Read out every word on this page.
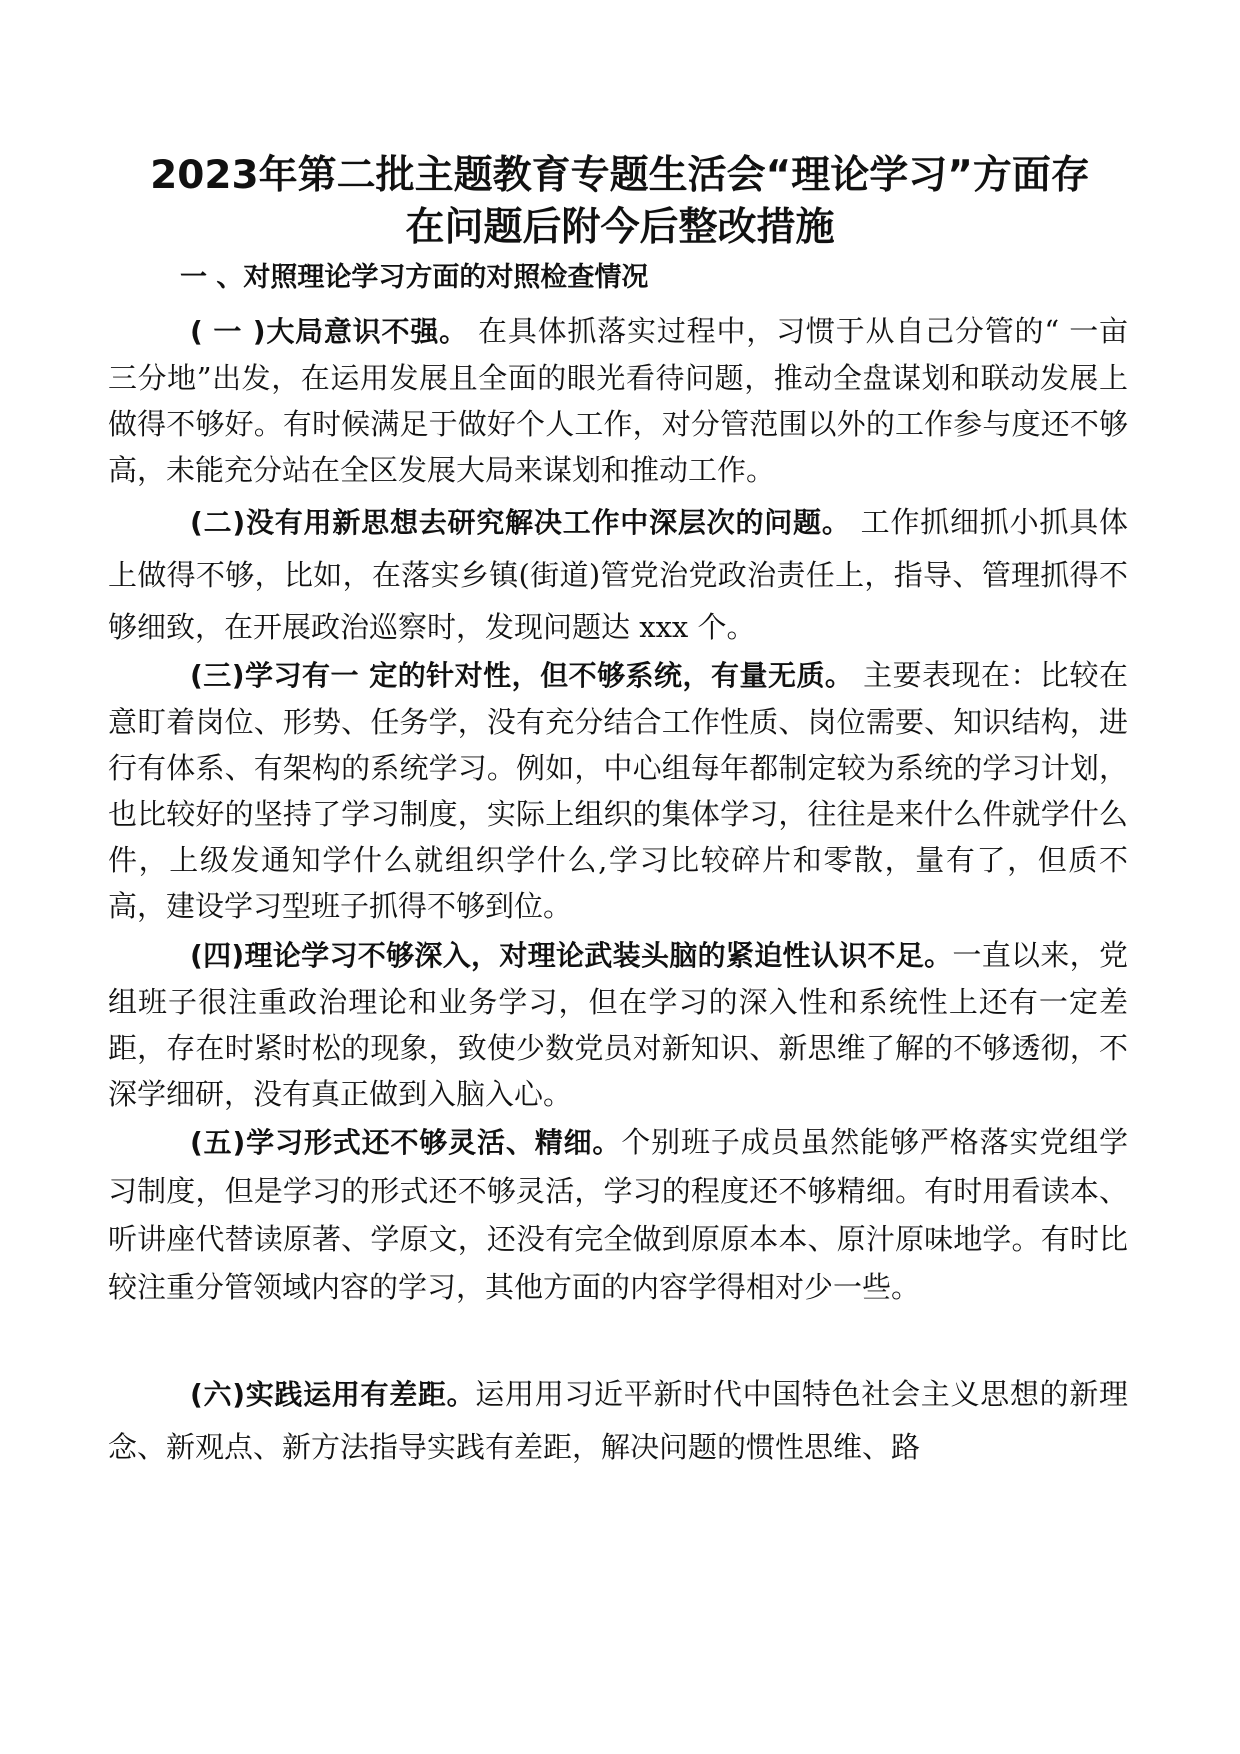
2023年第二批主题教育专题生活会“理论学习”方面存
在问题后附今后整改措施
一 、对照理论学习方面的对照检查情况

( 一 )大局意识不强。 在具体抓落实过程中，习惯于从自己分管的“ 一亩三分地”出发，在运用发展且全面的眼光看待问题，推动全盘谋划和联动发展上做得不够好。有时候满足于做好个人工作，对分管范围以外的工作参与度还不够高，未能充分站在全区发展大局来谋划和推动工作。

(二)没有用新思想去研究解决工作中深层次的问题。 工作抓细抓小抓具体上做得不够，比如，在落实乡镇(街道)管党治党政治责任上，指导、管理抓得不够细致，在开展政治巡察时，发现问题达 xxx 个。

(三)学习有一 定的针对性，但不够系统，有量无质。 主要表现在：比较在意盯着岗位、形势、任务学，没有充分结合工作性质、岗位需要、知识结构，进行有体系、有架构的系统学习。例如，中心组每年都制定较为系统的学习计划，也比较好的坚持了学习制度，实际上组织的集体学习，往往是来什么件就学什么件，上级发通知学什么就组织学什么,学习比较碎片和零散，量有了，但质不高，建设学习型班子抓得不够到位。

(四)理论学习不够深入，对理论武装头脑的紧迫性认识不足。一直以来，党组班子很注重政治理论和业务学习，但在学习的深入性和系统性上还有一定差距，存在时紧时松的现象，致使少数党员对新知识、新思维了解的不够透彻，不深学细研，没有真正做到入脑入心。

(五)学习形式还不够灵活、精细。个别班子成员虽然能够严格落实党组学习制度，但是学习的形式还不够灵活，学习的程度还不够精细。有时用看读本、听讲座代替读原著、学原文，还没有完全做到原原本本、原汁原味地学。有时比较注重分管领域内容的学习，其他方面的内容学得相对少一些。

(六)实践运用有差距。运用用习近平新时代中国特色社会主义思想的新理念、新观点、新方法指导实践有差距，解决问题的惯性思维、路
